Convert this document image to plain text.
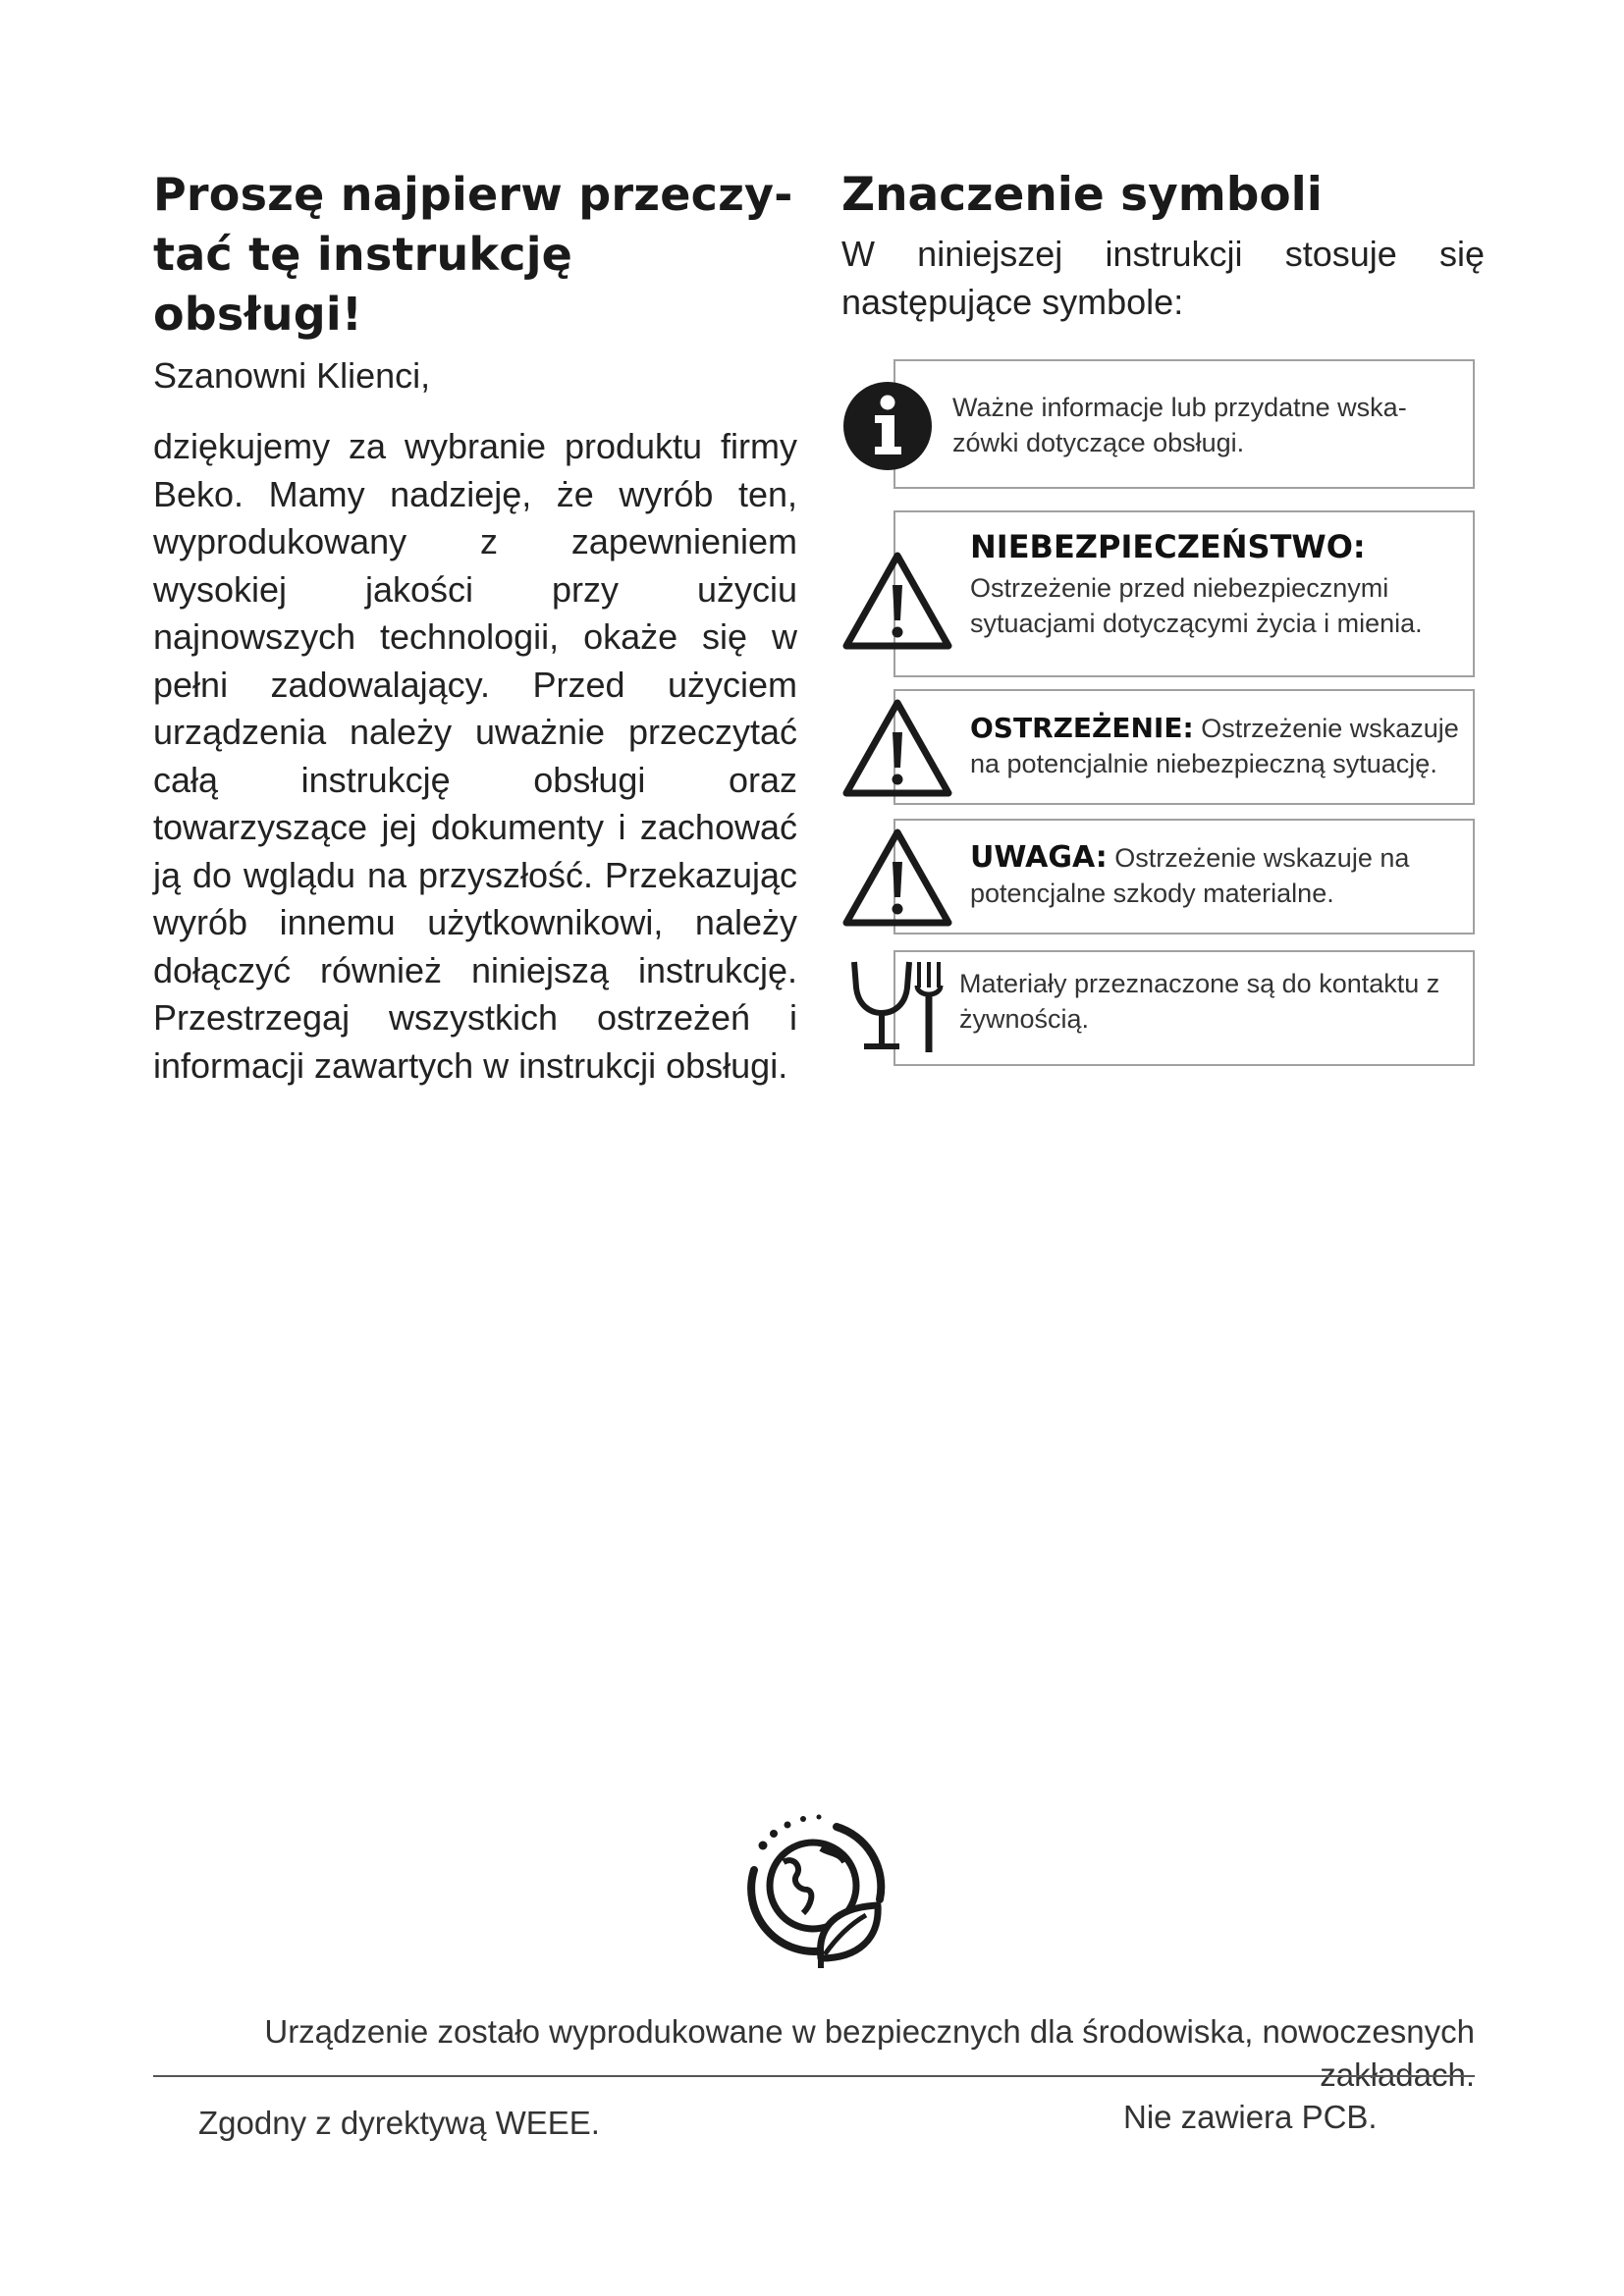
Proszę najpierw przeczy-tać tę instrukcję obsługi!

Szanowni Klienci,

dziękujemy za wybranie produktu firmy Beko. Mamy nadzieję, że wyrób ten, wyprodukowany z zapewnieniem wysokiej jakości przy użyciu najnowszych technologii, okaże się w pełni zadowalający. Przed użyciem urządzenia należy uważnie przeczytać całą instrukcję obsługi oraz towarzyszące jej dokumenty i zachować ją do wglądu na przyszłość. Przekazując wyrób innemu użytkownikowi, należy dołączyć również niniejszą instrukcję. Przestrzegaj wszystkich ostrzeżeń i informacji zawartych w instrukcji obsługi.

Znaczenie symboli

W niniejszej instrukcji stosuje się następujące symbole:

Ważne informacje lub przydatne wska-zówki dotyczące obsługi.
NIEBEZPIECZEŃSTWO:
Ostrzeżenie przed niebezpiecznymi sytuacjami dotyczącymi życia i mienia.
OSTRZEŻENIE: Ostrzeżenie wskazuje na potencjalnie niebezpieczną sytuację.
UWAGA: Ostrzeżenie wskazuje na potencjalne szkody materialne.
Materiały przeznaczone są do kontaktu z żywnością.

Urządzenie zostało wyprodukowane w bezpiecznych dla środowiska, nowoczesnych zakładach.

Zgodny z dyrektywą WEEE.	Nie zawiera PCB.
